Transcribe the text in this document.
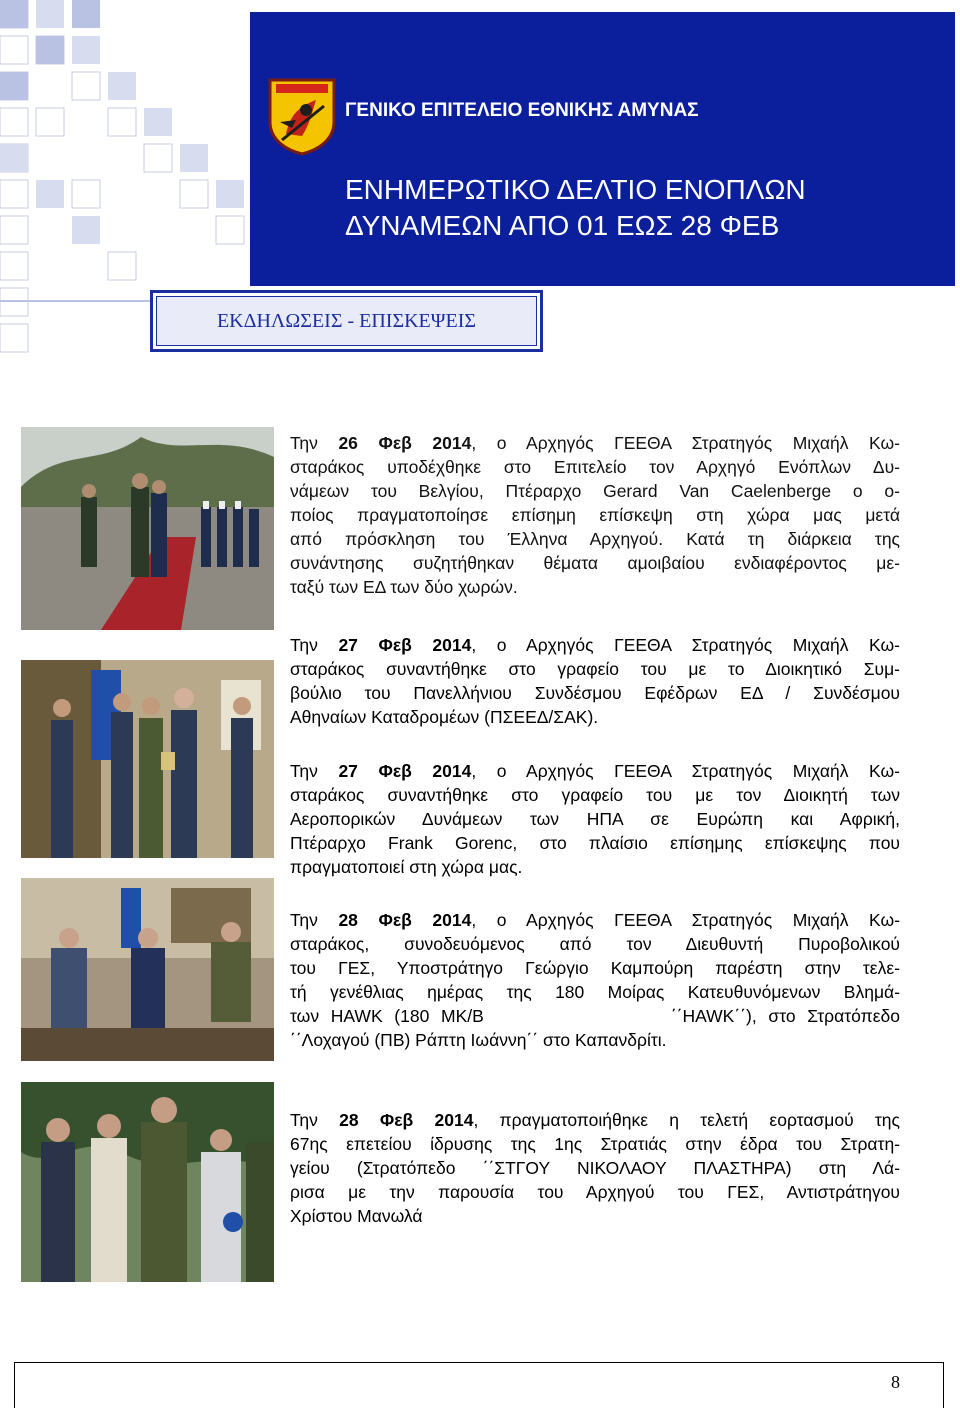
ΓΕΝΙΚΟ ΕΠΙΤΕΛΕΙΟ ΕΘΝΙΚΗΣ ΑΜΥΝΑΣ
ΕΝΗΜΕΡΩΤΙΚΟ ΔΕΛΤΙΟ ΕΝΟΠΛΩΝ
ΔΥΝΑΜΕΩΝ ΑΠΟ 01 ΕΩΣ 28 ΦΕΒ
ΕΚΔΗΛΩΣΕΙΣ - ΕΠΙΣΚΕΨΕΙΣ
Την 26 Φεβ 2014, ο Αρχηγός ΓΕΕΘΑ Στρατηγός Μιχαήλ Κω-
σταράκος υποδέχθηκε στο Επιτελείο τον Αρχηγό Ενόπλων Δυ-
νάμεων του Βελγίου, Πτέραρχο Gerard Van Caelenberge ο ο-
ποίος πραγματοποίησε επίσημη επίσκεψη στη χώρα μας μετά
από πρόσκληση του Έλληνα Αρχηγού. Κατά τη διάρκεια της
συνάντησης συζητήθηκαν θέματα αμοιβαίου ενδιαφέροντος με-
ταξύ των ΕΔ των δύο χωρών.
Την 27 Φεβ 2014, ο Αρχηγός ΓΕΕΘΑ Στρατηγός Μιχαήλ Κω-
σταράκος συναντήθηκε στο γραφείο του με το Διοικητικό Συμ-
βούλιο του Πανελλήνιου Συνδέσμου Εφέδρων ΕΔ / Συνδέσμου
Αθηναίων Καταδρομέων (ΠΣΕΕΔ/ΣΑΚ).
Την 27 Φεβ 2014, ο Αρχηγός ΓΕΕΘΑ Στρατηγός Μιχαήλ Κω-
σταράκος συναντήθηκε στο γραφείο του με τον Διοικητή των
Αεροπορικών Δυνάμεων των ΗΠΑ σε Ευρώπη και Αφρική,
Πτέραρχο Frank Gorenc, στο πλαίσιο επίσημης επίσκεψης που
πραγματοποιεί στη χώρα μας.
Την 28 Φεβ 2014, ο Αρχηγός ΓΕΕΘΑ Στρατηγός Μιχαήλ Κω-
σταράκος, συνοδευόμενος από τον Διευθυντή Πυροβολικού
του ΓΕΣ, Υποστράτηγο Γεώργιο Καμπούρη παρέστη στην τελε-
τή γενέθλιας ημέρας της 180 Μοίρας Κατευθυνόμενων Βλημά-
των HAWK (180 ΜΚ/Β                ΄΄HAWK΄΄), στο Στρατόπεδο
΄΄Λοχαγού (ΠΒ) Ράπτη Ιωάννη΄΄ στο Καπανδρίτι.
Την 28 Φεβ 2014, πραγματοποιήθηκε η τελετή εορτασμού της
67ης επετείου ίδρυσης της 1ης Στρατιάς στην έδρα του Στρατη-
γείου (Στρατόπεδο ΄΄ΣΤΓΟΥ ΝΙΚΟΛΑΟΥ ΠΛΑΣΤΗΡΑ) στη Λά-
ρισα με την παρουσία του Αρχηγού του ΓΕΣ, Αντιστράτηγου
Χρίστου Μανωλά
8
